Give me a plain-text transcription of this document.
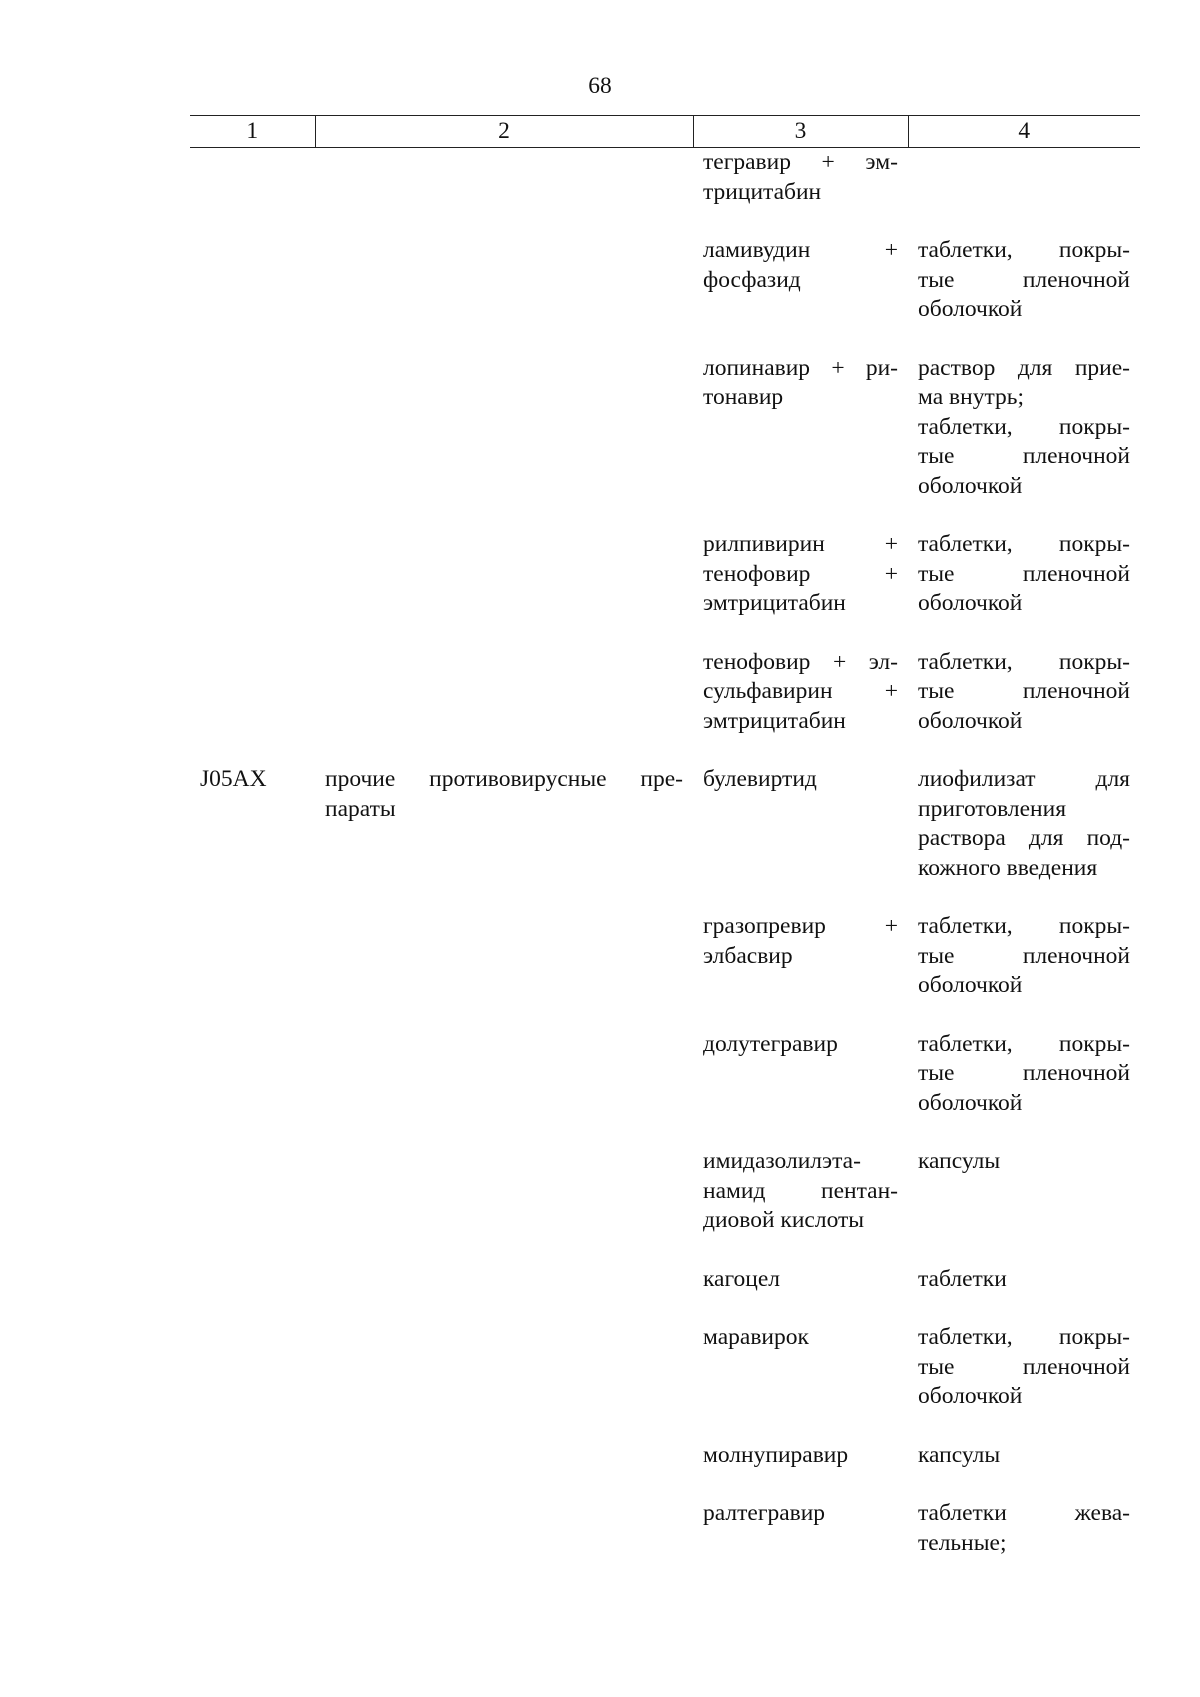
68
1	2	3	4

		тегравир + эм-
трицитабин	

		ламивудин +
фосфазид	таблетки, покры-
тые пленочной
оболочкой

		лопинавир + ри-
тонавир	раствор для прие-
ма внутрь;
таблетки, покры-
тые пленочной
оболочкой

		рилпивирин +
тенофовир +
эмтрицитабин	таблетки, покры-
тые пленочной
оболочкой

		тенофовир + эл-
сульфавирин +
эмтрицитабин	таблетки, покры-
тые пленочной
оболочкой

J05AX	прочие противовирусные пре-
параты	булевиртид	лиофилизат для
приготовления
раствора для под-
кожного введения

		гразопревир +
элбасвир	таблетки, покры-
тые пленочной
оболочкой

		долутегравир	таблетки, покры-
тые пленочной
оболочкой

		имидазолилэта-
намид пентан-
диовой кислоты	капсулы

		кагоцел	таблетки

		маравирок	таблетки, покры-
тые пленочной
оболочкой

		молнупиравир	капсулы

		ралтегравир	таблетки жева-
тельные;
